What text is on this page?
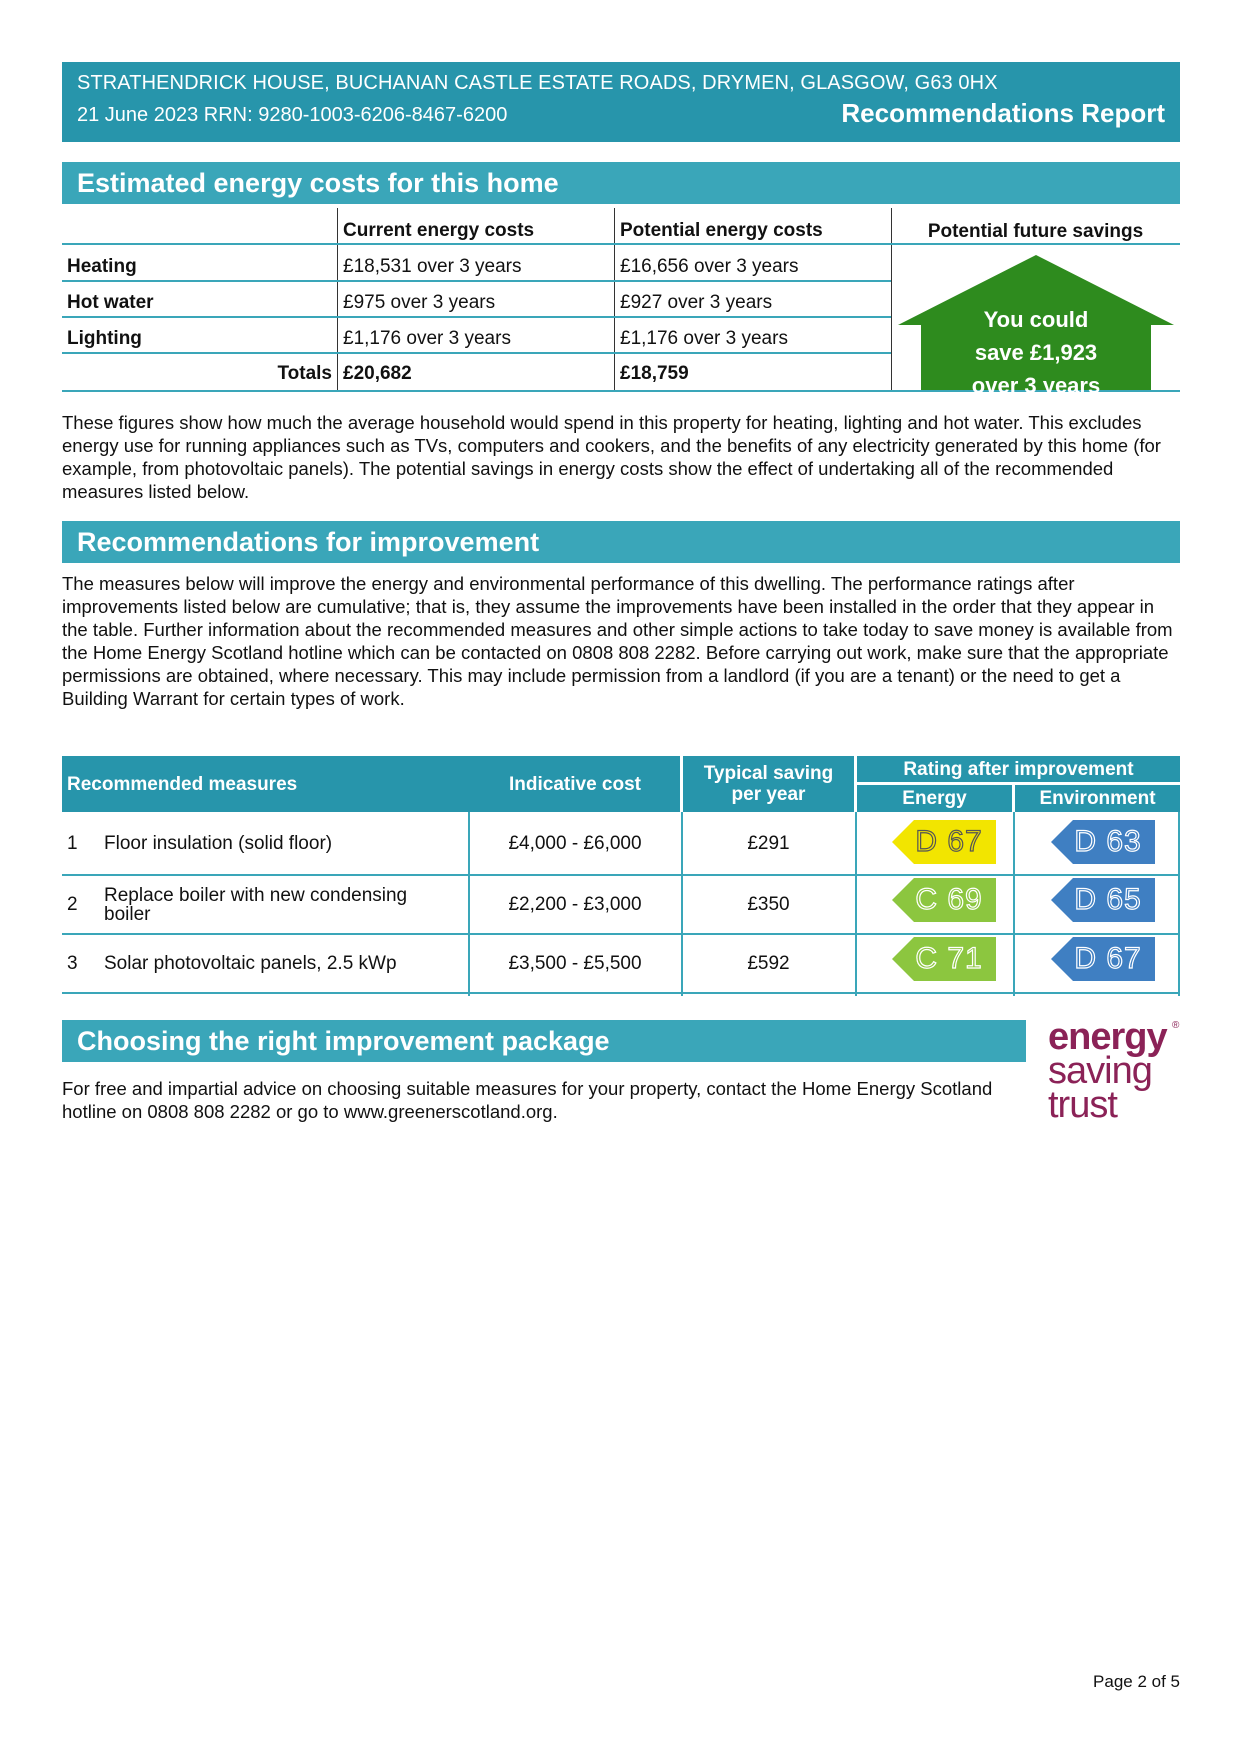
STRATHENDRICK HOUSE, BUCHANAN CASTLE ESTATE ROADS, DRYMEN, GLASGOW, G63 0HX
21 June 2023 RRN: 9280-1003-6206-8467-6200	Recommendations Report
Estimated energy costs for this home
Current energy costs	Potential energy costs	Potential future savings
Heating	£18,531 over 3 years	£16,656 over 3 years
Hot water	£975 over 3 years	£927 over 3 years
Lighting	£1,176 over 3 years	£1,176 over 3 years
Totals £20,682	£18,759
You could
save £1,923
over 3 years
These figures show how much the average household would spend in this property for heating, lighting and hot water. This excludes energy use for running appliances such as TVs, computers and cookers, and the benefits of any electricity generated by this home (for example, from photovoltaic panels). The potential savings in energy costs show the effect of undertaking all of the recommended measures listed below.
Recommendations for improvement
The measures below will improve the energy and environmental performance of this dwelling. The performance ratings after improvements listed below are cumulative; that is, they assume the improvements have been installed in the order that they appear in the table. Further information about the recommended measures and other simple actions to take today to save money is available from the Home Energy Scotland hotline which can be contacted on 0808 808 2282. Before carrying out work, make sure that the appropriate permissions are obtained, where necessary. This may include permission from a landlord (if you are a tenant) or the need to get a Building Warrant for certain types of work.
Recommended measures	Indicative cost	Typical saving per year
Rating after improvement
Energy	Environment
1 Floor insulation (solid floor)	£4,000 - £6,000	£291	D 67	D 63
2 Replace boiler with new condensing boiler	£2,200 - £3,000	£350	C 69	D 65
3 Solar photovoltaic panels, 2.5 kWp	£3,500 - £5,500	£592	C 71	D 67
Choosing the right improvement package
For free and impartial advice on choosing suitable measures for your property, contact the Home Energy Scotland hotline on 0808 808 2282 or go to www.greenerscotland.org.
energy
saving
trust
®
Page 2 of 5
